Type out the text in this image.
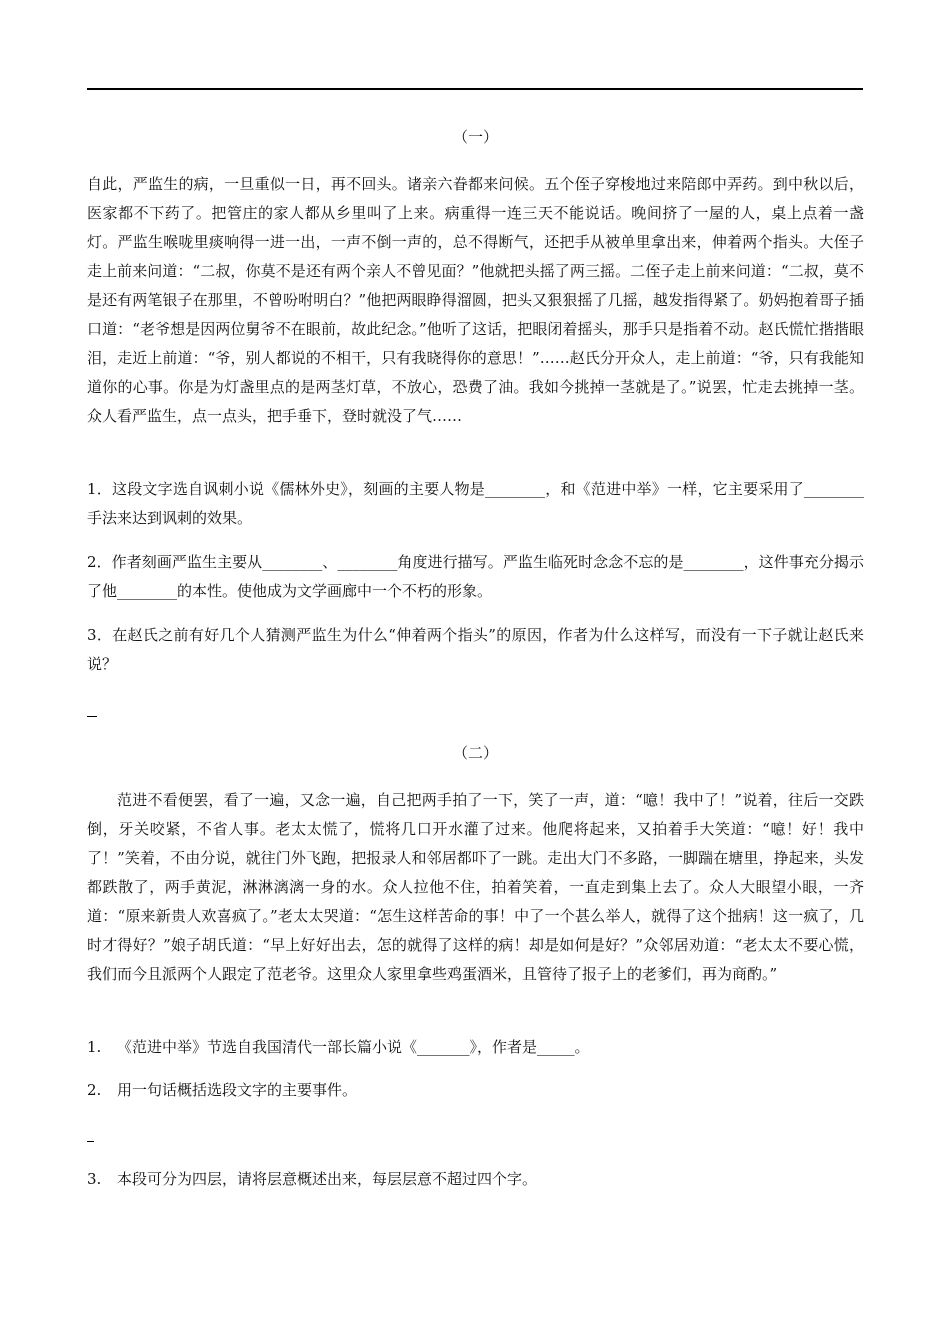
（一）

自此，严监生的病，一旦重似一日，再不回头。诸亲六眷都来问候。五个侄子穿梭地过来陪郎中弄药。到中秋以后，医家都不下药了。把管庄的家人都从乡里叫了上来。病重得一连三天不能说话。晚间挤了一屋的人，桌上点着一盏灯。严监生喉咙里痰响得一进一出，一声不倒一声的，总不得断气，还把手从被单里拿出来，伸着两个指头。大侄子走上前来问道：“二叔，你莫不是还有两个亲人不曾见面？”他就把头摇了两三摇。二侄子走上前来问道：“二叔，莫不是还有两笔银子在那里，不曾吩咐明白？”他把两眼睁得溜圆，把头又狠狠摇了几摇，越发指得紧了。奶妈抱着哥子插口道：“老爷想是因两位舅爷不在眼前，故此纪念。”他听了这话，把眼闭着摇头，那手只是指着不动。赵氏慌忙揩揩眼泪，走近上前道：“爷，别人都说的不相干，只有我晓得你的意思！”……赵氏分开众人，走上前道：“爷，只有我能知道你的心事。你是为灯盏里点的是两茎灯草，不放心，恐费了油。我如今挑掉一茎就是了。”说罢，忙走去挑掉一茎。众人看严监生，点一点头，把手垂下，登时就没了气……

1．这段文字选自讽刺小说《儒林外史》，刻画的主要人物是________，和《范进中举》一样，它主要采用了________手法来达到讽刺的效果。

2．作者刻画严监生主要从________、________角度进行描写。严监生临死时念念不忘的是________，这件事充分揭示了他________的本性。使他成为文学画廊中一个不朽的形象。

3．在赵氏之前有好几个人猜测严监生为什么“伸着两个指头”的原因，作者为什么这样写，而没有一下子就让赵氏来说？

（二）

范进不看便罢，看了一遍，又念一遍，自己把两手拍了一下，笑了一声，道：“噫！我中了！”说着，往后一交跌倒，牙关咬紧，不省人事。老太太慌了，慌将几口开水灌了过来。他爬将起来，又拍着手大笑道：“噫！好！我中了！”笑着，不由分说，就往门外飞跑，把报录人和邻居都吓了一跳。走出大门不多路，一脚踹在塘里，挣起来，头发都跌散了，两手黄泥，淋淋漓漓一身的水。众人拉他不住，拍着笑着，一直走到集上去了。众人大眼望小眼，一齐道：“原来新贵人欢喜疯了。”老太太哭道：“怎生这样苦命的事！中了一个甚么举人，就得了这个拙病！这一疯了，几时才得好？”娘子胡氏道：“早上好好出去，怎的就得了这样的病！却是如何是好？”众邻居劝道：“老太太不要心慌，我们而今且派两个人跟定了范老爷。这里众人家里拿些鸡蛋酒米，且管待了报子上的老爹们，再为商酌。”

1. 《范进中举》节选自我国清代一部长篇小说《_______》，作者是_____。

2. 用一句话概括选段文字的主要事件。

3. 本段可分为四层，请将层意概述出来，每层层意不超过四个字。
